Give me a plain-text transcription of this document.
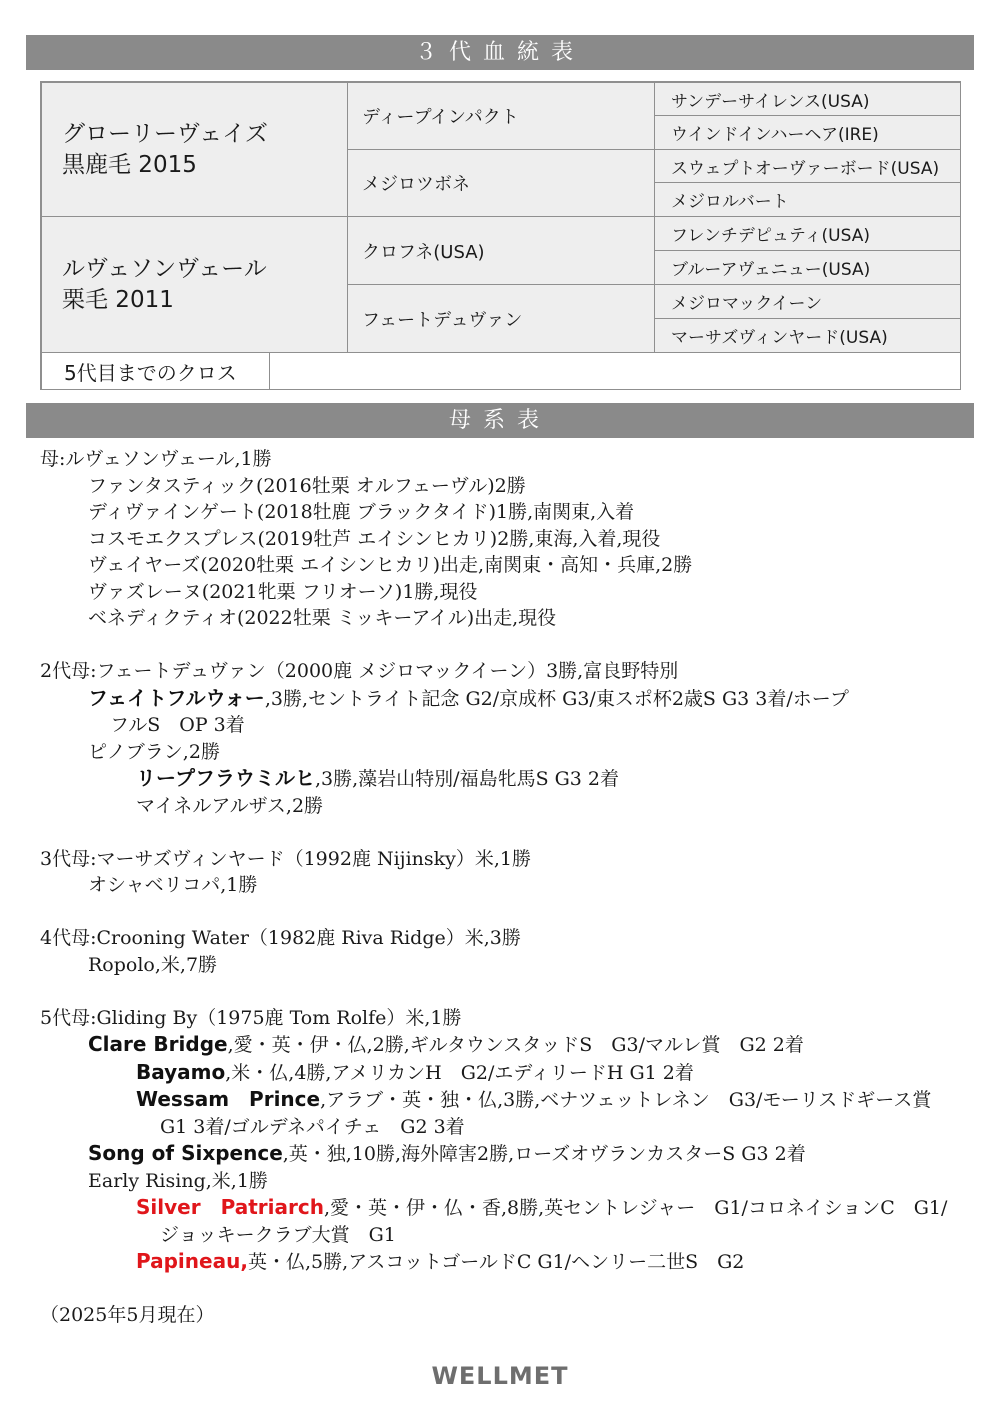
３代血統表
グローリーヴェイズ
黒鹿毛 2015
ルヴェソンヴェール
栗毛 2011
ディープインパクト
メジロツボネ
クロフネ(USA)
フェートデュヴァン
サンデーサイレンス(USA)
ウインドインハーヘア(IRE)
スウェプトオーヴァーボード(USA)
メジロルバート
フレンチデピュティ(USA)
ブルーアヴェニュー(USA)
メジロマックイーン
マーサズヴィンヤード(USA)
5代目までのクロス
母系表
母:ルヴェソンヴェール,1勝
ファンタスティック(2016牡栗 オルフェーヴル)2勝
ディヴァインゲート(2018牡鹿 ブラックタイド)1勝,南関東,入着
コスモエクスプレス(2019牡芦 エイシンヒカリ)2勝,東海,入着,現役
ヴェイヤーズ(2020牡栗 エイシンヒカリ)出走,南関東・高知・兵庫,2勝
ヴァズレーヌ(2021牝栗 フリオーソ)1勝,現役
ベネディクティオ(2022牡栗 ミッキーアイル)出走,現役
2代母:フェートデュヴァン（2000鹿 メジロマックイーン）3勝,富良野特別
フェイトフルウォー,3勝,セントライト記念 G2/京成杯 G3/東スポ杯2歳S G3 3着/ホープ
フルS　OP 3着
ピノブラン,2勝
リープフラウミルヒ,3勝,藻岩山特別/福島牝馬S G3 2着
マイネルアルザス,2勝
3代母:マーサズヴィンヤード（1992鹿 Nijinsky）米,1勝
オシャベリコパ,1勝
4代母:Crooning Water（1982鹿 Riva Ridge）米,3勝
Ropolo,米,7勝
5代母:Gliding By（1975鹿 Tom Rolfe）米,1勝
Clare Bridge,愛・英・伊・仏,2勝,ギルタウンスタッドS　G3/マルレ賞　G2 2着
Bayamo,米・仏,4勝,アメリカンH　G2/エディリードH G1 2着
Wessam　Prince,アラブ・英・独・仏,3勝,ベナツェットレネン　G3/モーリスドギース賞
G1 3着/ゴルデネパイチェ　G2 3着
Song of Sixpence,英・独,10勝,海外障害2勝,ローズオヴランカスターS G3 2着
Early Rising,米,1勝
Silver　Patriarch,愛・英・伊・仏・香,8勝,英セントレジャー　G1/コロネイションC　G1/
ジョッキークラブ大賞　G1
Papineau,英・仏,5勝,アスコットゴールドC G1/ヘンリー二世S　G2
（2025年5月現在）
WELLMET
